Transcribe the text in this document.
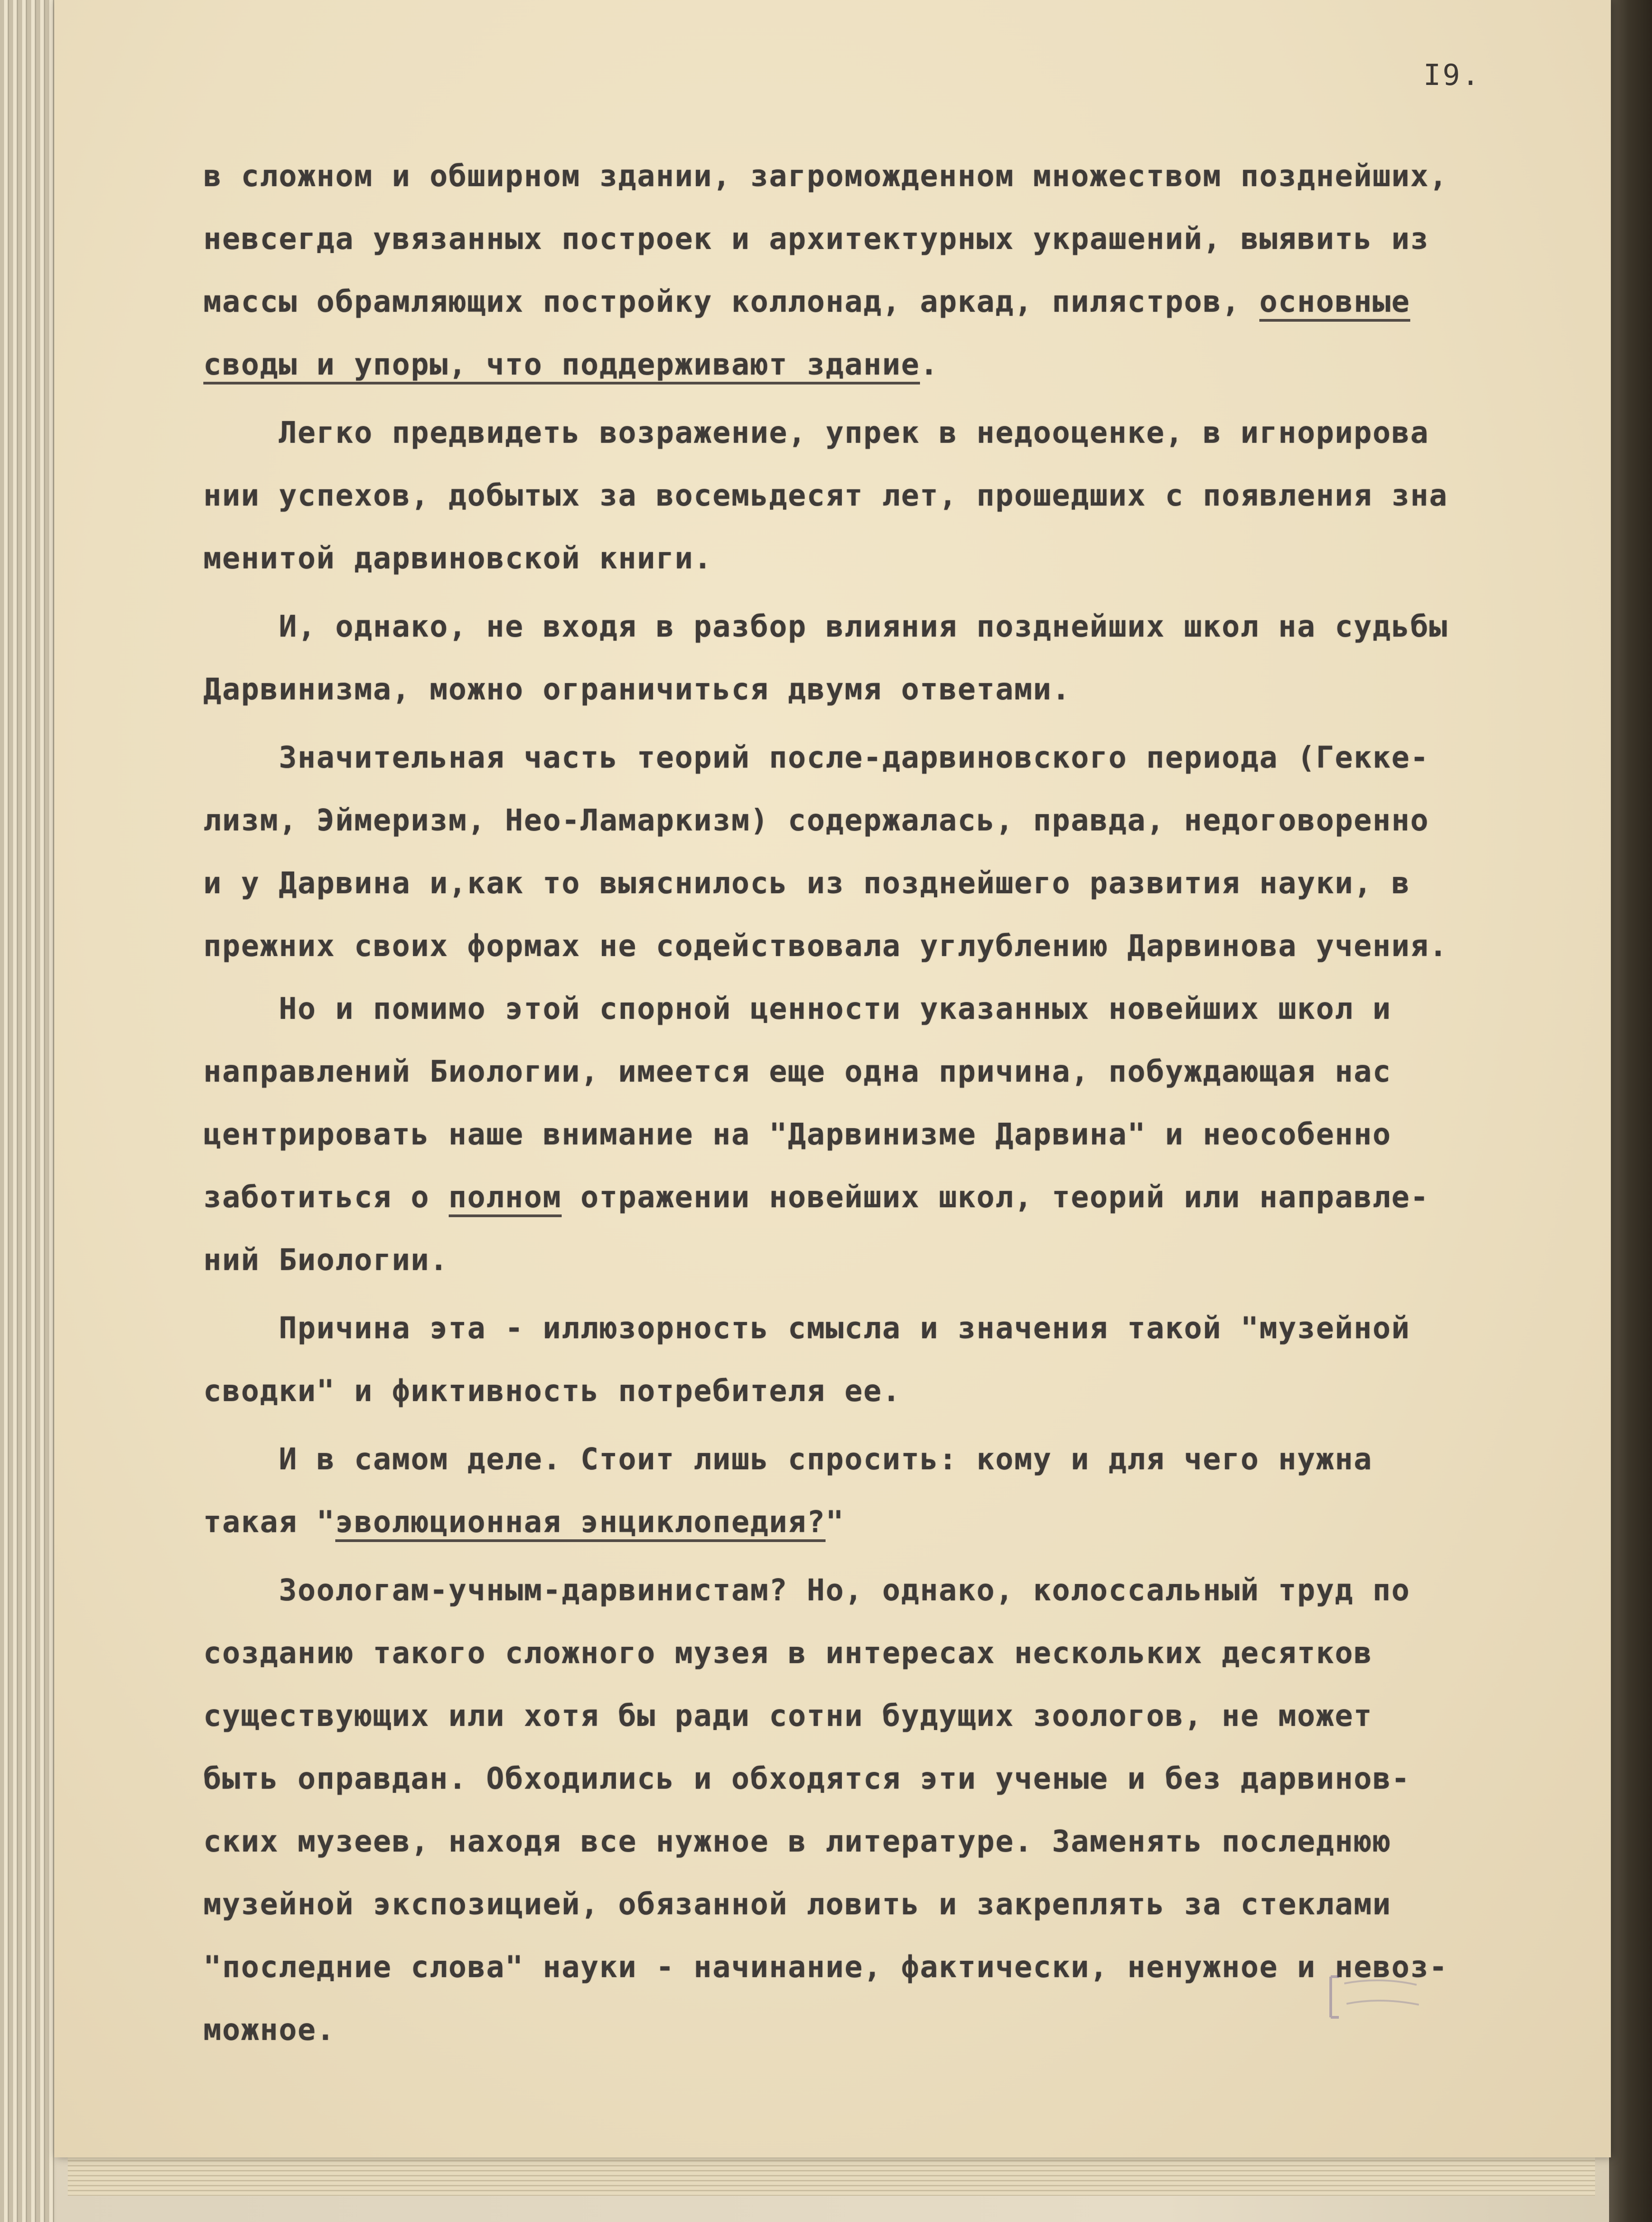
I9.
в сложном и обширном здании, загроможденном множеством позднейших,
невсегда увязанных построек и архитектурных украшений, выявить из
массы обрамляющих постройку коллонад, аркад, пилястров, основные
своды и упоры, что поддерживают здание.
Легко предвидеть возражение, упрек в недооценке, в игнорирова
нии успехов, добытых за восемьдесят лет, прошедших с появления зна
менитой дарвиновской книги.
И, однако, не входя в разбор влияния позднейших школ на судьбы
Дарвинизма, можно ограничиться двумя ответами.
Значительная часть теорий после-дарвиновского периода (Гекке-
лизм, Эймеризм, Нео-Ламаркизм) содержалась, правда, недоговоренно
и у Дарвина и,как то выяснилось из позднейшего развития науки, в
прежних своих формах не содействовала углублению Дарвинова учения.
Но и помимо этой спорной ценности указанных новейших школ и
направлений Биологии, имеется еще одна причина, побуждающая нас
центрировать наше внимание на "Дарвинизме Дарвина" и неособенно
заботиться о полном отражении новейших школ, теорий или направле-
ний Биологии.
Причина эта - иллюзорность смысла и значения такой "музейной
сводки" и фиктивность потребителя ее.
И в самом деле. Стоит лишь спросить: кому и для чего нужна
такая "эволюционная энциклопедия?"
Зоологам-учным-дарвинистам? Но, однако, колоссальный труд по
созданию такого сложного музея в интересах нескольких десятков
существующих или хотя бы ради сотни будущих зоологов, не может
быть оправдан. Обходились и обходятся эти ученые и без дарвинов-
ских музеев, находя все нужное в литературе. Заменять последнюю
музейной экспозицией, обязанной ловить и закреплять за стеклами
"последние слова" науки - начинание, фактически, ненужное и невоз-
можное.
